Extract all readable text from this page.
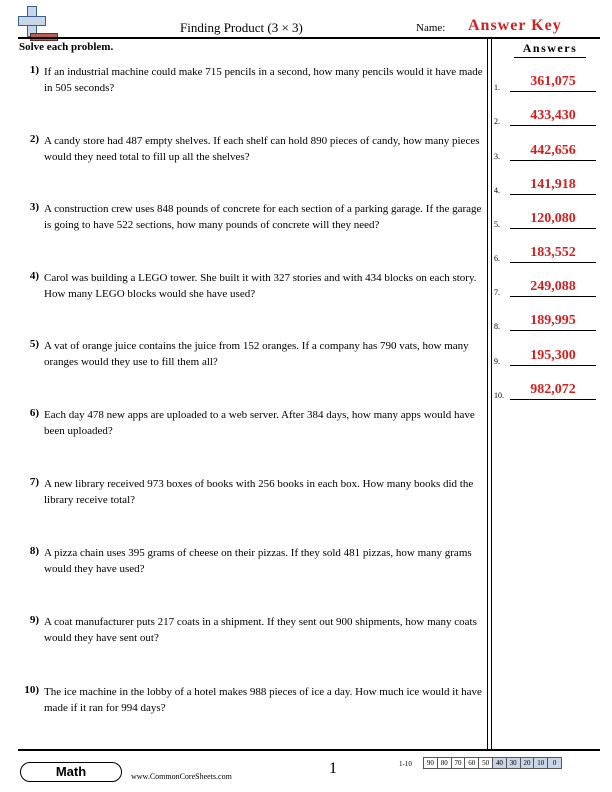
Finding Product (3 × 3)	Name: Answer Key
Solve each problem.
1) If an industrial machine could make 715 pencils in a second, how many pencils would it have made in 505 seconds?
2) A candy store had 487 empty shelves. If each shelf can hold 890 pieces of candy, how many pieces would they need total to fill up all the shelves?
3) A construction crew uses 848 pounds of concrete for each section of a parking garage. If the garage is going to have 522 sections, how many pounds of concrete will they need?
4) Carol was building a LEGO tower. She built it with 327 stories and with 434 blocks on each story. How many LEGO blocks would she have used?
5) A vat of orange juice contains the juice from 152 oranges. If a company has 790 vats, how many oranges would they use to fill them all?
6) Each day 478 new apps are uploaded to a web server. After 384 days, how many apps would have been uploaded?
7) A new library received 973 boxes of books with 256 books in each box. How many books did the library receive total?
8) A pizza chain uses 395 grams of cheese on their pizzas. If they sold 481 pizzas, how many grams would they have used?
9) A coat manufacturer puts 217 coats in a shipment. If they sent out 900 shipments, how many coats would they have sent out?
10) The ice machine in the lobby of a hotel makes 988 pieces of ice a day. How much ice would it have made if it ran for 994 days?
Answers
1.	361,075
2.	433,430
3.	442,656
4.	141,918
5.	120,080
6.	183,552
7.	249,088
8.	189,995
9.	195,300
10.	982,072
Math	www.CommonCoreSheets.com	1	1-10	90 80 70 60 50 40 30 20 10	0
